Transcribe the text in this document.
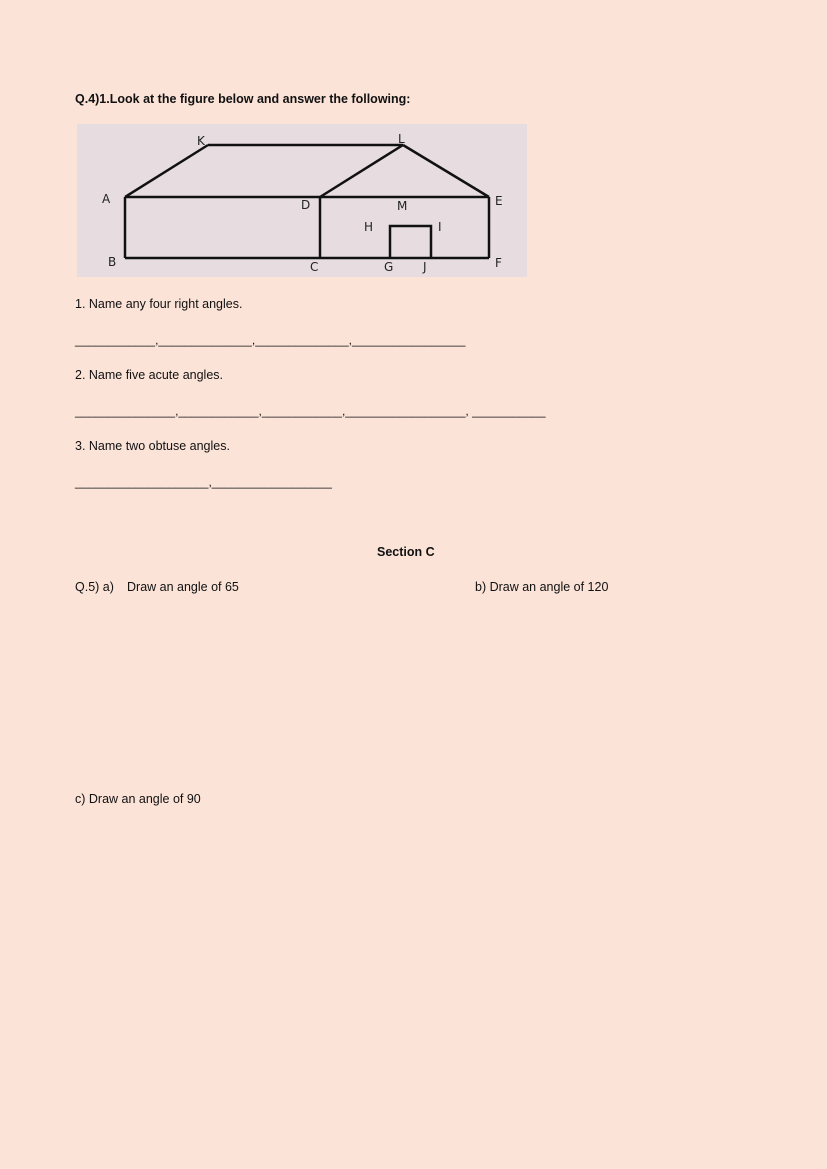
Q.4)1.Look at the figure below and answer the following:
K	L
A	D	M	E
H	I
B	C	G J	F
1. Name any four right angles.
____________,______________,______________,_________________
2. Name five acute angles.
_______________,____________,____________,__________________, ___________
3. Name two obtuse angles.
____________________,__________________
Section C
Q.5) a) Draw an angle of 65	b) Draw an angle of 120
c) Draw an angle of 90
